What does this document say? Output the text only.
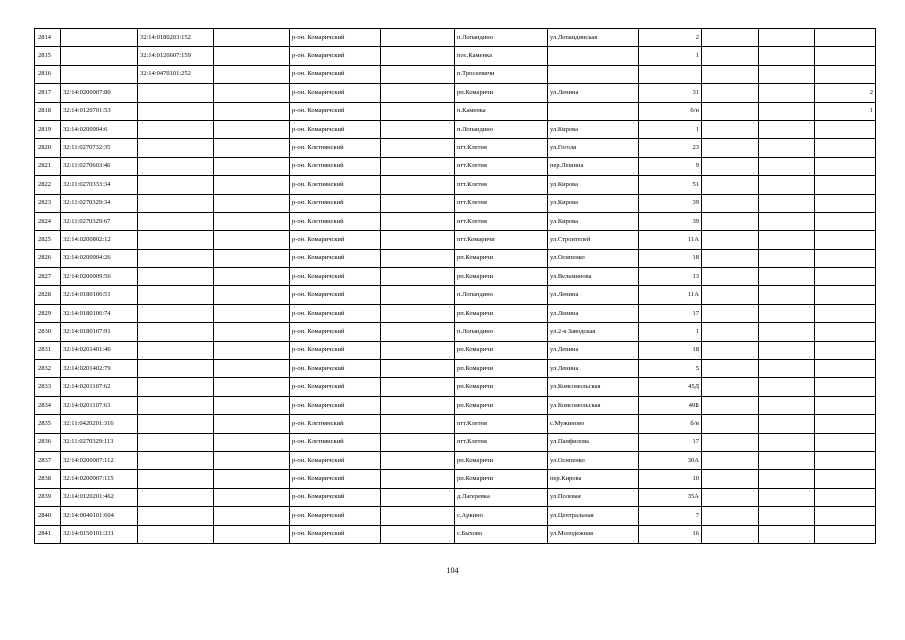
2814		32:14:0180203:152		р-он. Комаричский		п.Лопандино	ул.Лопандинская	2			
2815		32:14:0120607:159		р-он. Комаричский		пос.Каменка		1			
2816		32:14:0470101:252		р-он. Комаричский		п.Тросеевичи					
2817	32:14:0200907:80			р-он. Комаричский		рп.Комаричи	ул.Ленина	31			2
2818	32:14:0120701:53			р-он. Комаричский		п.Каменка		б/н			1
2819	32:14:0200904:6			р-он. Комаричский		п.Лопандино	ул.Кирова	1			
2820	32:11:0270732:35			р-он. Клетнянский		пгт.Клетня	ул.Гоголя	23			
2821	32:11:0270603:46			р-он. Клетнянский		пгт.Клетня	пер.Лешина	9			
2822	32:11:0270333:34			р-он. Клетнянский		пгт.Клетня	ул.Кирова	51			
2823	32:11:0270329:34			р-он. Клетнянский		пгт.Клетня	ул.Кирова	39			
2824	32:11:0270329:67			р-он. Клетнянский		пгт.Клетня	ул.Кирова	39			
2825	32:14:0200802:12			р-он. Комаричский		пгт.Комаричи	ул.Строителей	11А			
2826	32:14:0200904:26			р-он. Комаричский		рп.Комаричи	ул.Осипенко	18			
2827	32:14:0200909:56			р-он. Комаричский		рп.Комаричи	ул.Вельминова	13			
2828	32:14:0180106:51			р-он. Комаричский		п.Лопандино	ул.Ленина	11А			
2829	32:14:0180106:74			р-он. Комаричский		рп.Комаричи	ул.Ленина	17			
2830	32:14:0180107:91			р-он. Комаричский		п.Лопандино	ул.2-я Заводская	1			
2831	32:14:0201401:46			р-он. Комаричский		рп.Комаричи	ул.Ленина	18			
2832	32:14:0201402:79			р-он. Комаричский		рп.Комаричи	ул.Ленина	5			
2833	32:14:0201107:62			р-он. Комаричский		рп.Комаричи	ул.Комсомольская	45Д			
2834	32:14:0201107:63			р-он. Комаричский		рп.Комаричи	ул.Комсомольская	49Б			
2835	32:11:0420201:316			р-он. Клетнянский		пгт.Клетня	с.Мужиново	б/н			
2836	32:11:0270329:113			р-он. Клетнянский		пгт.Клетня	ул.Панфилова	17			
2837	32:14:0200907:112			р-он. Комаричский		рп.Комаричи	ул.Осипенко	30А			
2838	32:14:0200907:115			р-он. Комаричский		рп.Комаричи	пер.Кирова	10			
2839	32:14:0120201:462			р-он. Комаричский		д.Лагеревка	ул.Полевая	35А			
2840	32:14:0040101:604			р-он. Комаричский		с.Аркино	ул.Центральная	7			
2841	32:14:0150101:331			р-он. Комаричский		с.Быхово	ул.Молодежная	16			
104
